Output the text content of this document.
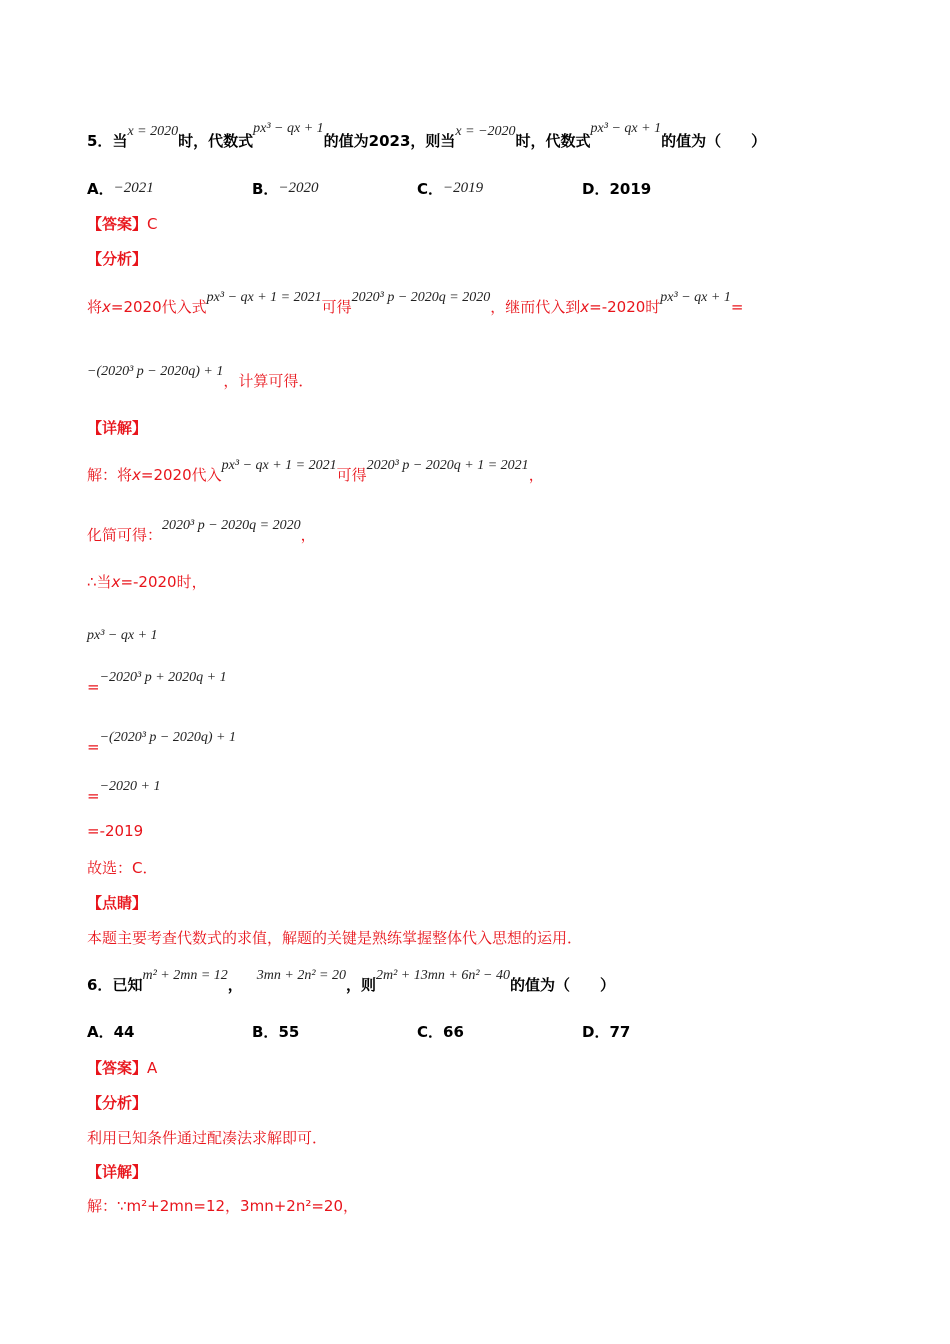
5．当x = 2020时，代数式px³ − qx + 1的值为2023，则当x = −2020时，代数式px³ − qx + 1的值为（　　）
A．−2021	B．−2020	C．−2019	D．2019
【答案】C
【分析】
将x=2020代入式px³ − qx + 1 = 2021可得2020³ p − 2020q = 2020，继而代入到x=-2020时px³ − qx + 1=
−(2020³ p − 2020q) + 1，计算可得．
【详解】
解：将x=2020代入px³ − qx + 1 = 2021可得2020³ p − 2020q + 1 = 2021，
化简可得：2020³ p − 2020q = 2020，
∴当x=-2020时，
px³ − qx + 1
=−2020³ p + 2020q + 1
=−(2020³ p − 2020q) + 1
=−2020 + 1
=-2019
故选：C．
【点睛】
本题主要考查代数式的求值，解题的关键是熟练掌握整体代入思想的运用．
6．已知m² + 2mn = 12，3mn + 2n² = 20，则2m² + 13mn + 6n² − 40的值为（　　）
A．44	B．55	C．66	D．77
【答案】A
【分析】
利用已知条件通过配凑法求解即可．
【详解】
解：∵m²+2mn=12，3mn+2n²=20，
